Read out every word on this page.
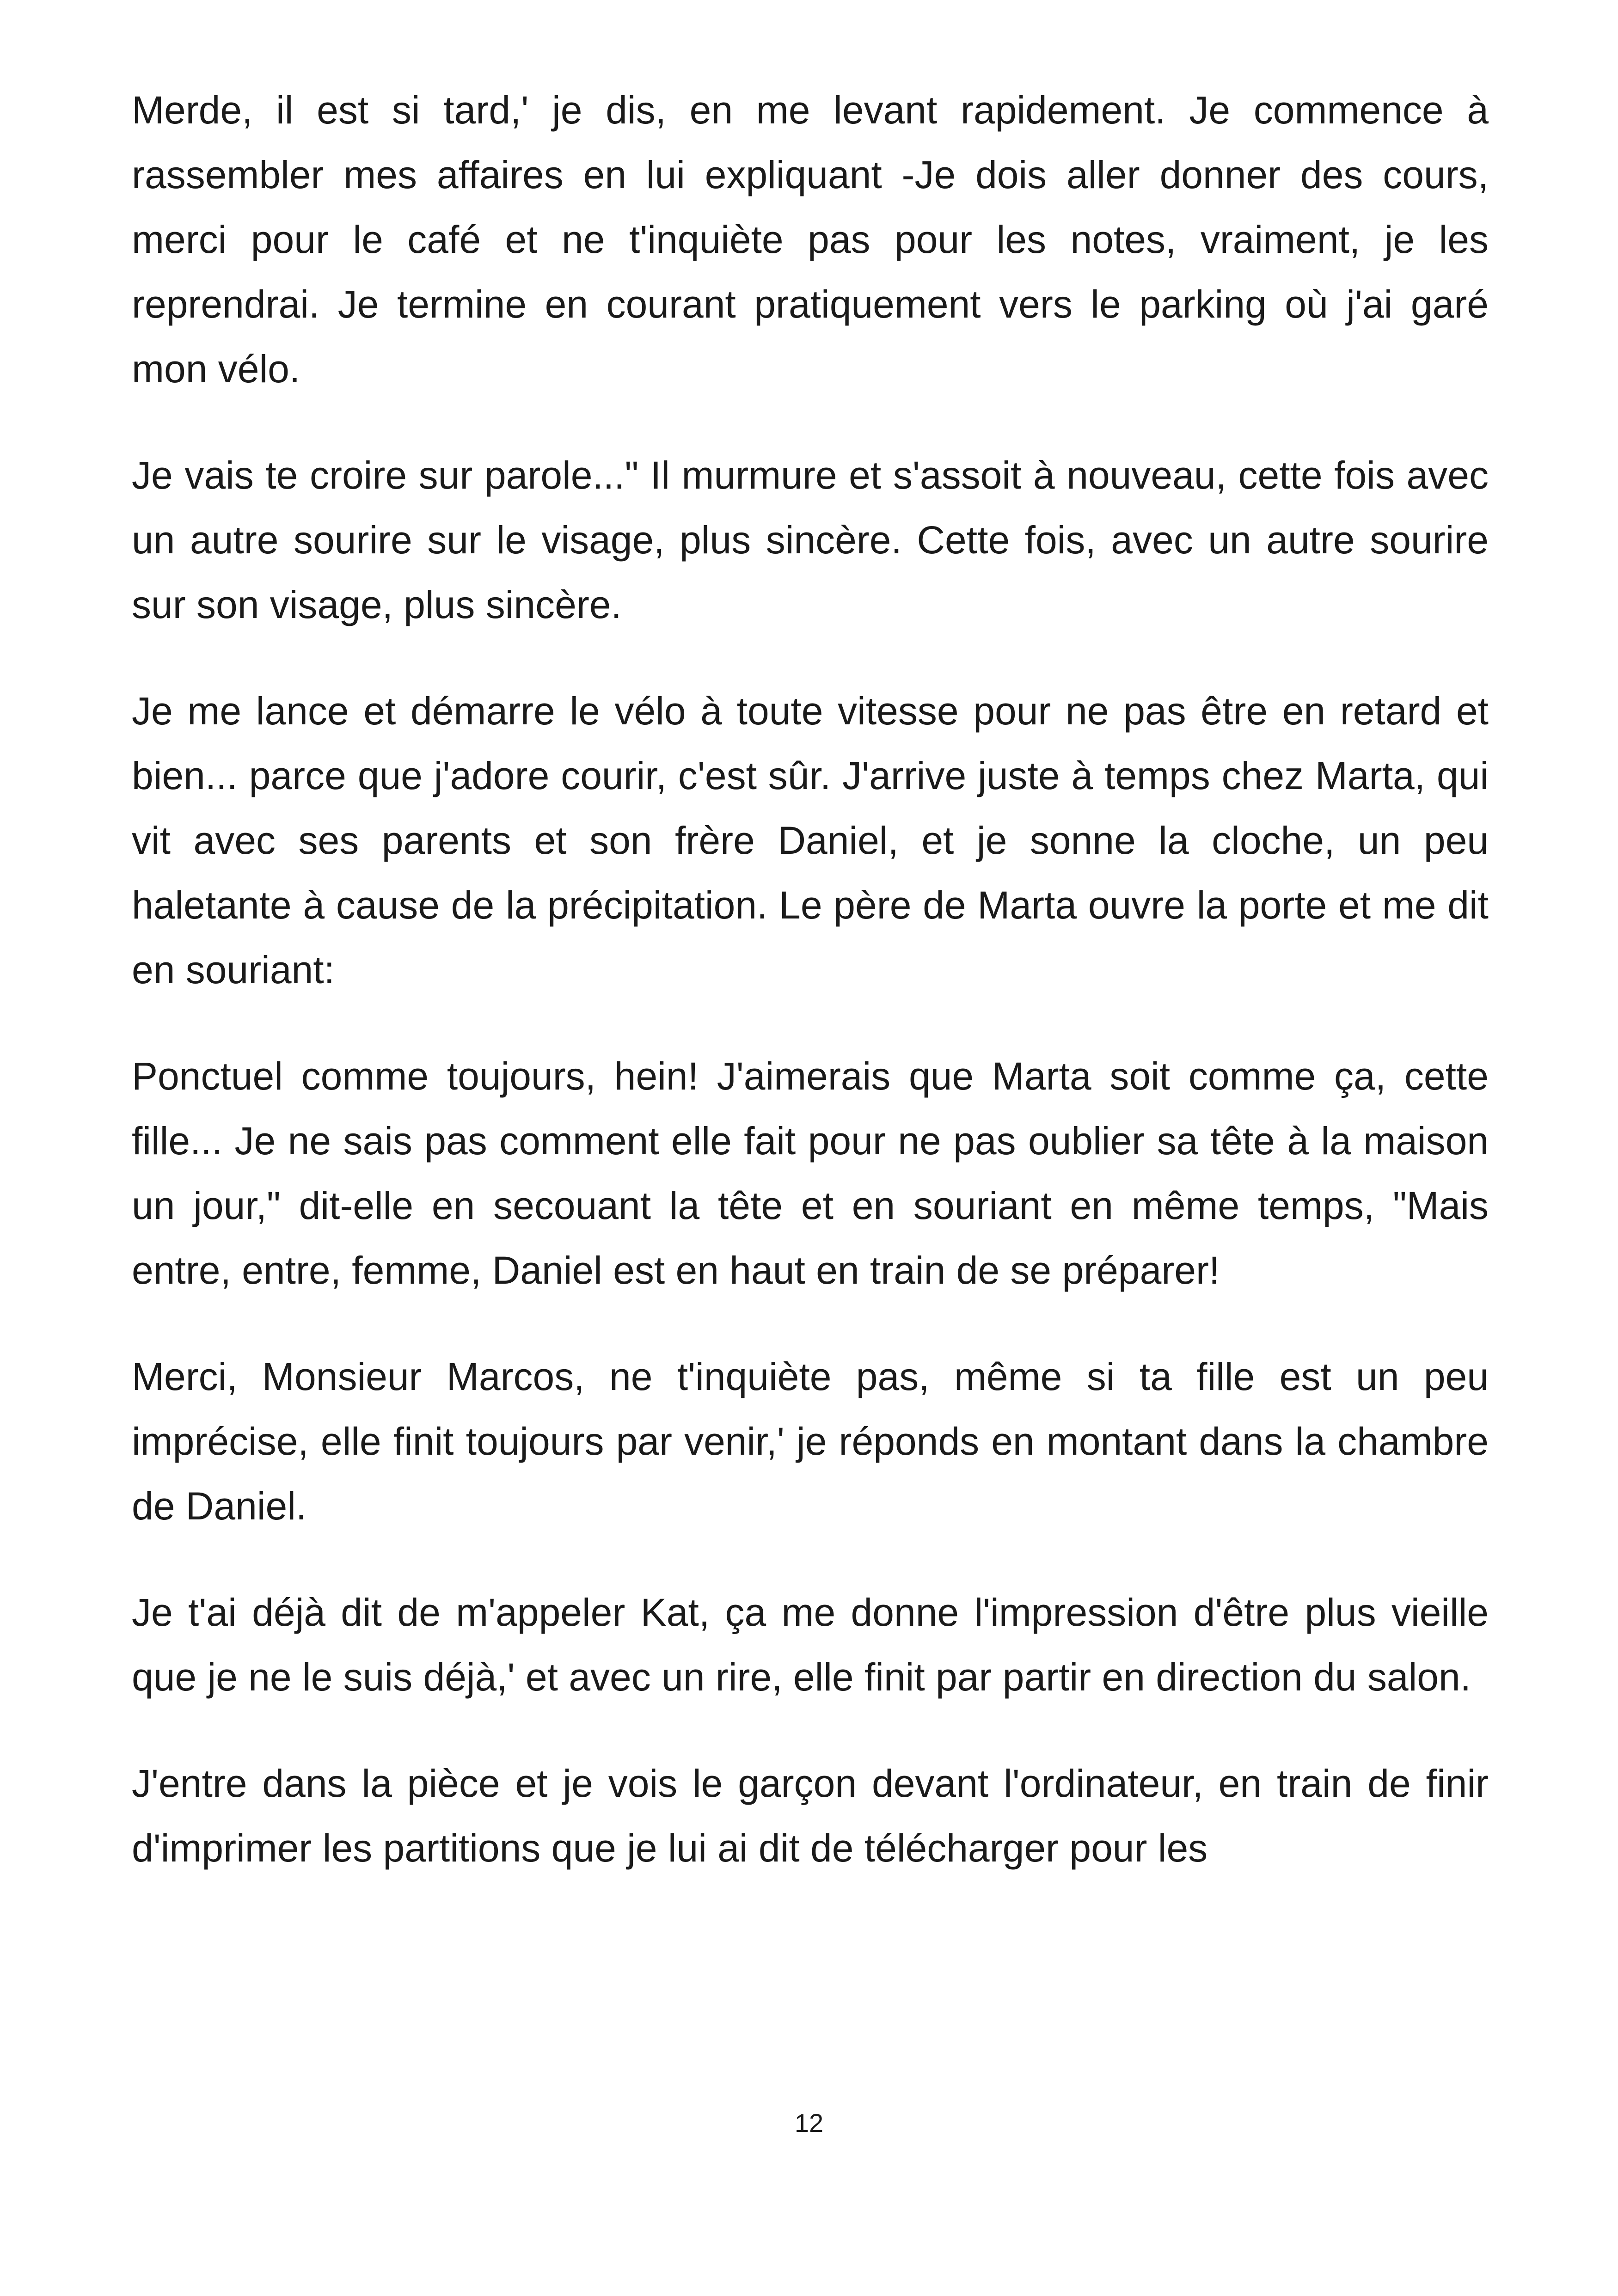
Merde, il est si tard,' je dis, en me levant rapidement. Je commence à rassembler mes affaires en lui expliquant -Je dois aller donner des cours, merci pour le café et ne t'inquiète pas pour les notes, vraiment, je les reprendrai. Je termine en courant pratiquement vers le parking où j'ai garé mon vélo.

Je vais te croire sur parole..." Il murmure et s'assoit à nouveau, cette fois avec un autre sourire sur le visage, plus sincère. Cette fois, avec un autre sourire sur son visage, plus sincère.

Je me lance et démarre le vélo à toute vitesse pour ne pas être en retard et bien... parce que j'adore courir, c'est sûr. J'arrive juste à temps chez Marta, qui vit avec ses parents et son frère Daniel, et je sonne la cloche, un peu haletante à cause de la précipitation. Le père de Marta ouvre la porte et me dit en souriant:

Ponctuel comme toujours, hein! J'aimerais que Marta soit comme ça, cette fille... Je ne sais pas comment elle fait pour ne pas oublier sa tête à la maison un jour," dit-elle en secouant la tête et en souriant en même temps, "Mais entre, entre, femme, Daniel est en haut en train de se préparer!

Merci, Monsieur Marcos, ne t'inquiète pas, même si ta fille est un peu imprécise, elle finit toujours par venir,' je réponds en montant dans la chambre de Daniel.

Je t'ai déjà dit de m'appeler Kat, ça me donne l'impression d'être plus vieille que je ne le suis déjà,' et avec un rire, elle finit par partir en direction du salon.

J'entre dans la pièce et je vois le garçon devant l'ordinateur, en train de finir d'imprimer les partitions que je lui ai dit de télécharger pour les

12
